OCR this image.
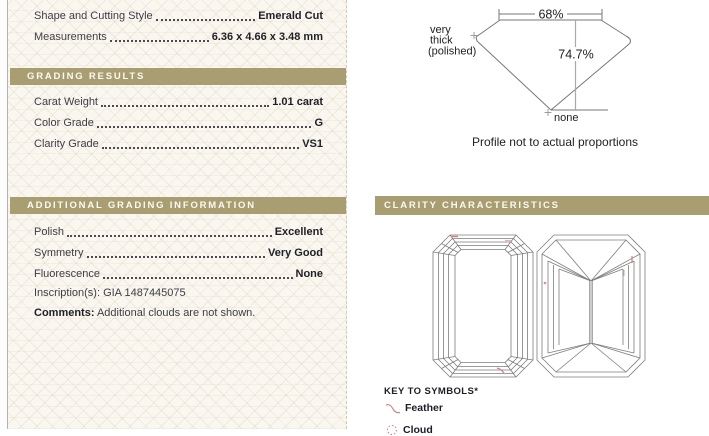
Shape and Cutting Style	Emerald Cut
Measurements	6.36 x 4.66 x 3.48 mm
GRADING RESULTS
Carat Weight	1.01 carat
Color Grade	G
Clarity Grade	VS1
ADDITIONAL GRADING INFORMATION
Polish	Excellent
Symmetry	Very Good
Fluorescence	None
Inscription(s): GIA 1487445075
Comments: Additional clouds are not shown.
68%
74.7%
very
thick
(polished)
none
Profile not to actual proportions
CLARITY CHARACTERISTICS
KEY TO SYMBOLS*
Feather
Cloud
